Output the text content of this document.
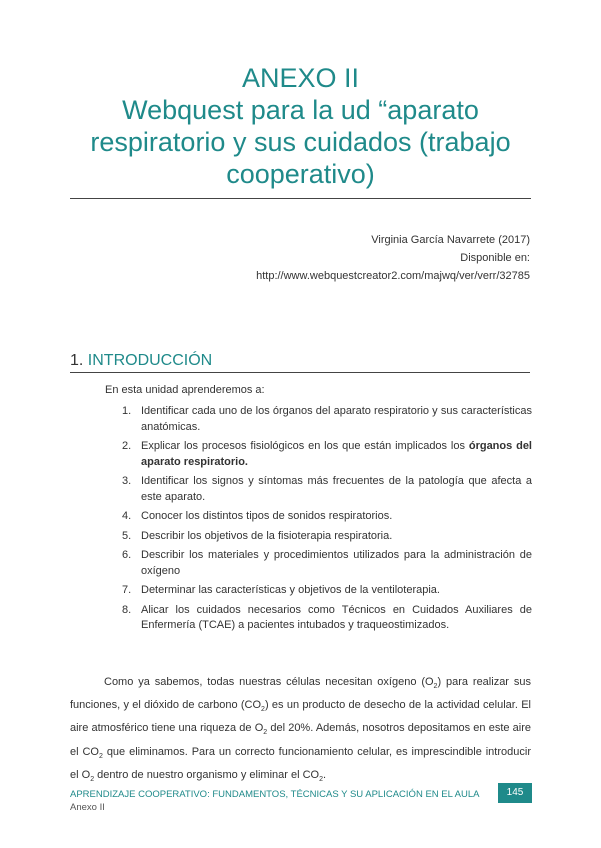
ANEXO II
Webquest para la ud “aparato
respiratorio y sus cuidados (trabajo
cooperativo)
Virginia García Navarrete (2017)
Disponible en:
http://www.webquestcreator2.com/majwq/ver/verr/32785
1. INTRODUCCIÓN
En esta unidad aprenderemos a:
1. Identificar cada uno de los órganos del aparato respiratorio y sus características anatómicas.
2. Explicar los procesos fisiológicos en los que están implicados los órganos del aparato respiratorio.
3. Identificar los signos y síntomas más frecuentes de la patología que afecta a este aparato.
4. Conocer los distintos tipos de sonidos respiratorios.
5. Describir los objetivos de la fisioterapia respiratoria.
6. Describir los materiales y procedimientos utilizados para la administración de oxígeno
7. Determinar las características y objetivos de la ventiloterapia.
8. Alicar los cuidados necesarios como Técnicos en Cuidados Auxiliares de Enfermería (TCAE) a pacientes intubados y traqueostimizados.

Como ya sabemos, todas nuestras células necesitan oxígeno $(O_2)$ para realizar sus funciones, y el dióxido de carbono $(CO_2)$ es un producto de desecho de la actividad celular. El aire atmosférico tiene una riqueza de $O_2$ del 20%. Además, nosotros depositamos en este aire el $CO_2$ que eliminamos. Para un correcto funcionamiento celular, es imprescindible introducir el $O_2$ dentro de nuestro organismo y eliminar el $CO_2$.

APRENDIZAJE COOPERATIVO: FUNDAMENTOS, TÉCNICAS Y SU APLICACIÓN EN EL AULA
Anexo II
145
